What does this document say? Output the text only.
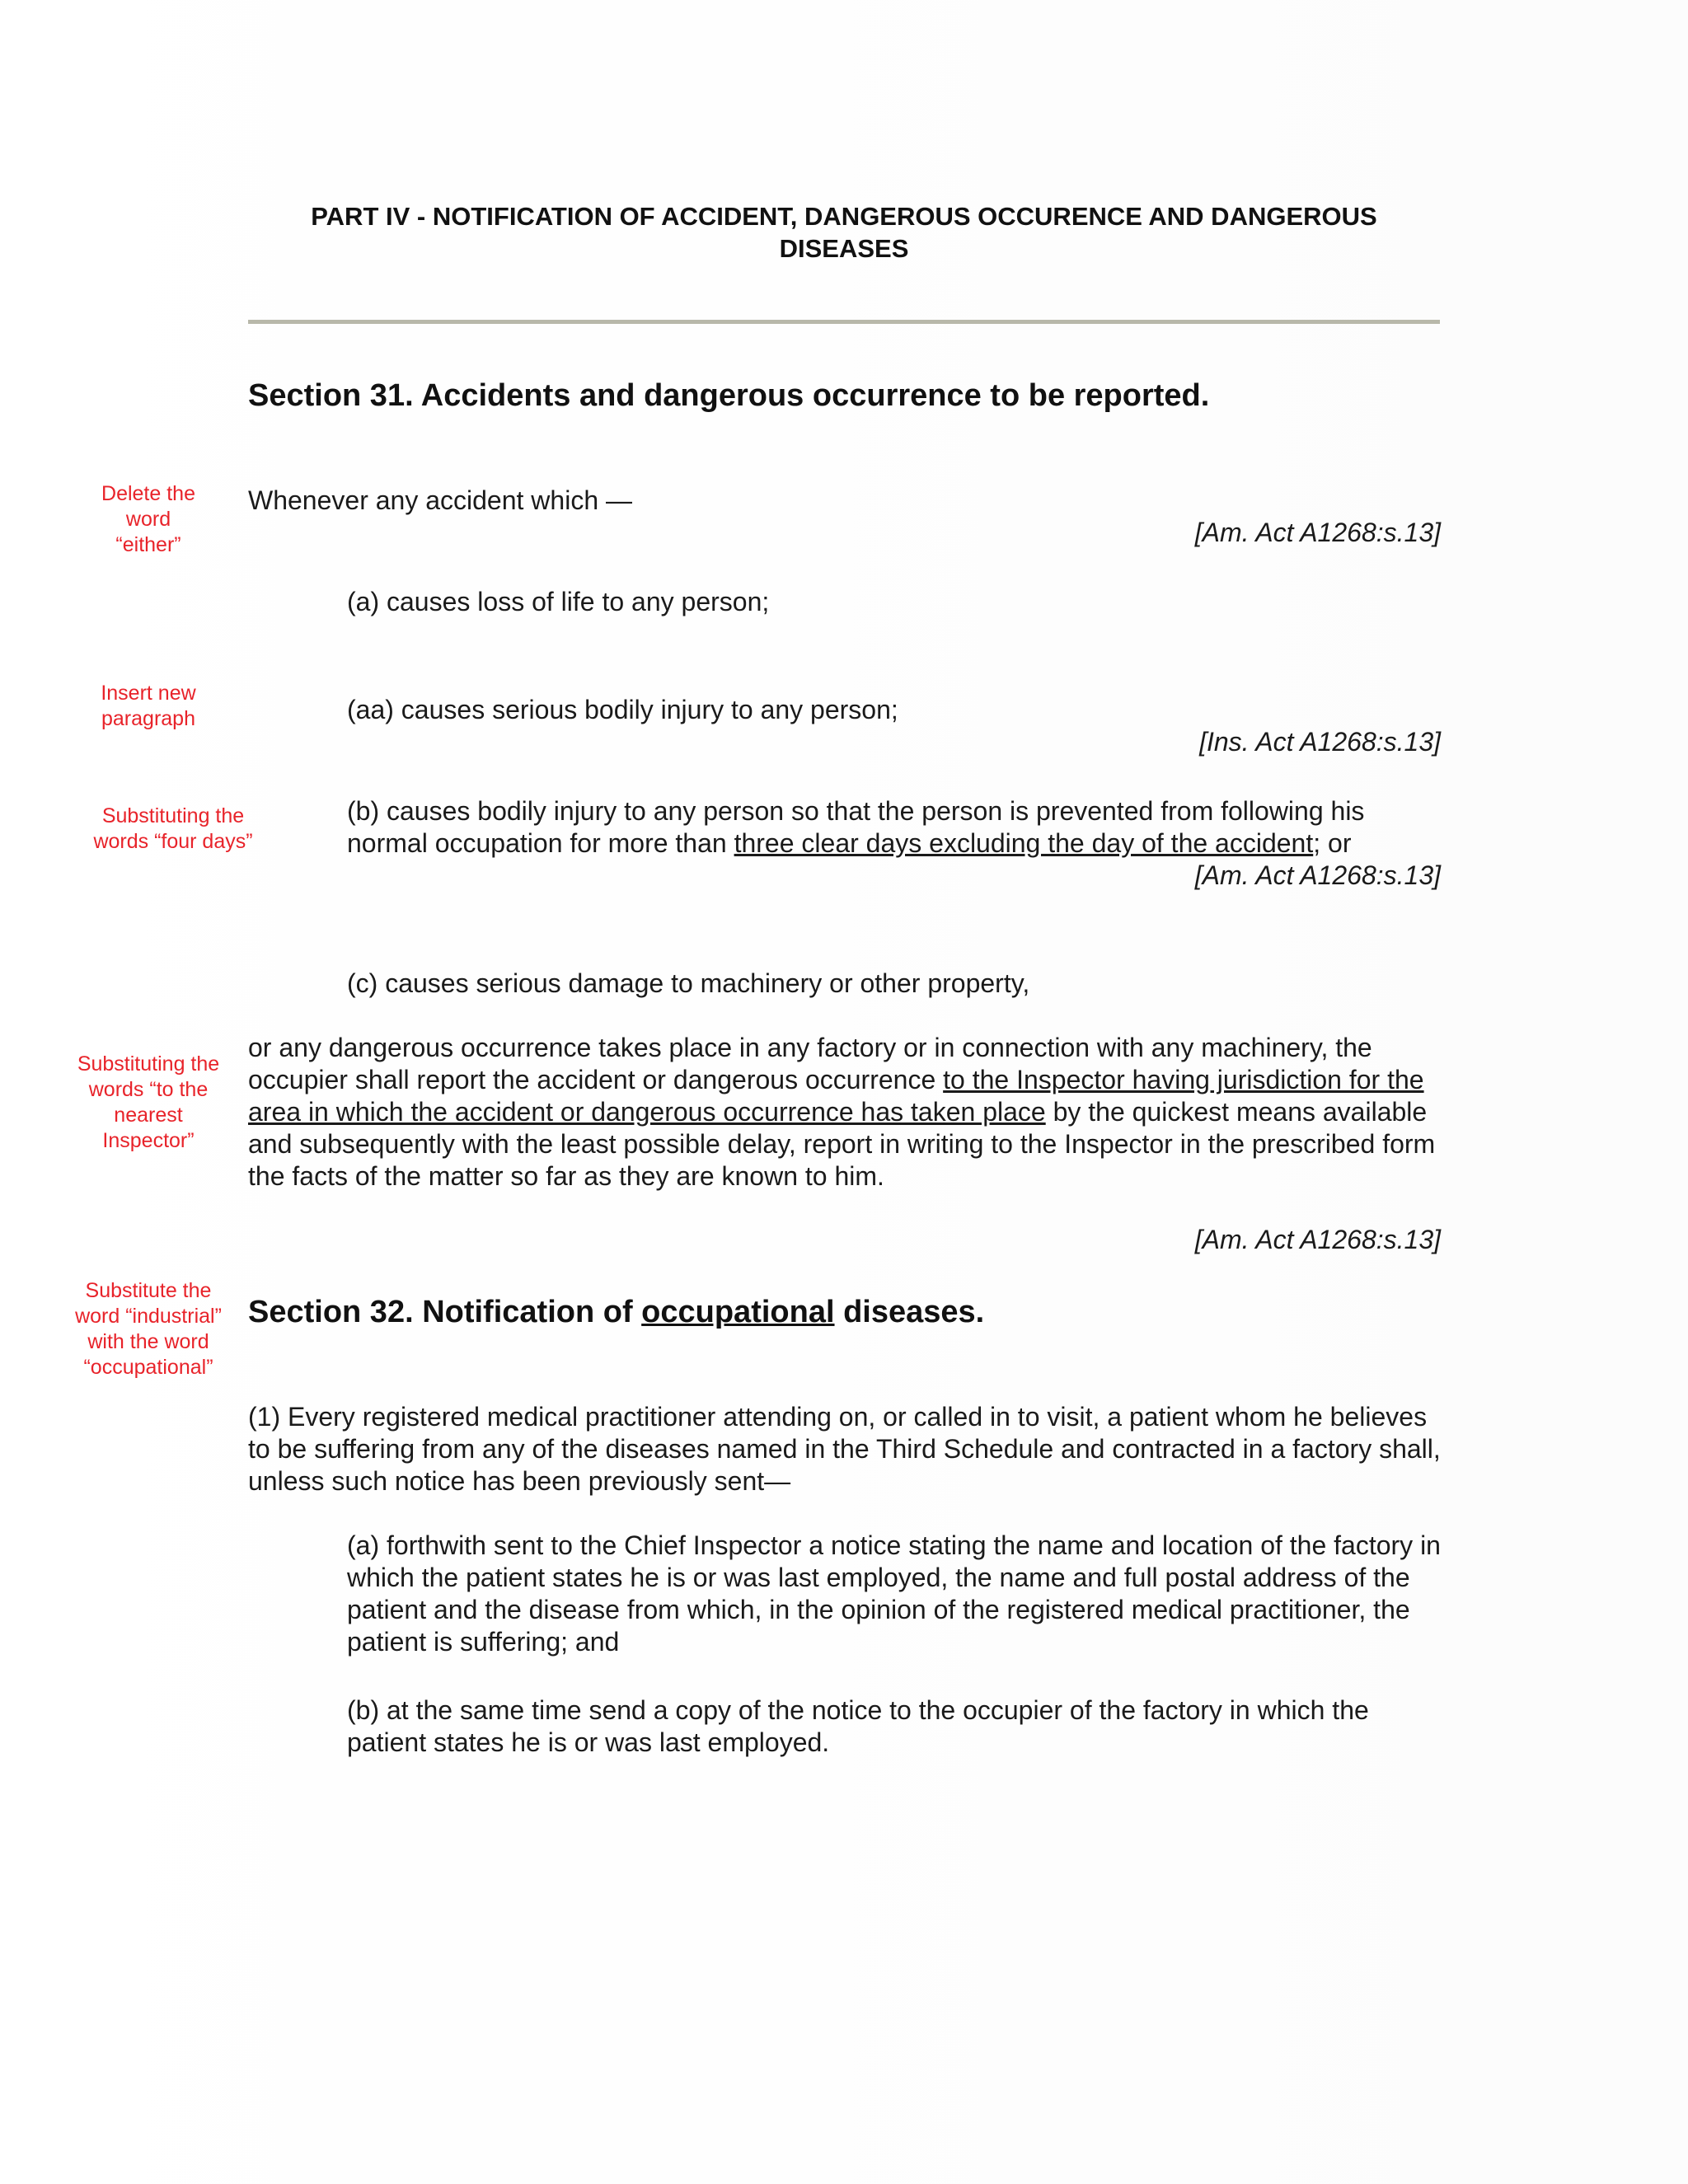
PART IV - NOTIFICATION OF ACCIDENT, DANGEROUS OCCURENCE AND DANGEROUS
DISEASES
Section 31. Accidents and dangerous occurrence to be reported.
Whenever any accident which —
[Am. Act A1268:s.13]
(a) causes loss of life to any person;
(aa) causes serious bodily injury to any person;
[Ins. Act A1268:s.13]
(b) causes bodily injury to any person so that the person is prevented from following his normal occupation for more than three clear days excluding the day of the accident; or
[Am. Act A1268:s.13]
(c) causes serious damage to machinery or other property,
or any dangerous occurrence takes place in any factory or in connection with any machinery, the occupier shall report the accident or dangerous occurrence to the Inspector having jurisdiction for the area in which the accident or dangerous occurrence has taken place by the quickest means available and subsequently with the least possible delay, report in writing to the Inspector in the prescribed form the facts of the matter so far as they are known to him.
[Am. Act A1268:s.13]
Section 32. Notification of occupational diseases.
(1) Every registered medical practitioner attending on, or called in to visit, a patient whom he believes to be suffering from any of the diseases named in the Third Schedule and contracted in a factory shall, unless such notice has been previously sent—
(a) forthwith sent to the Chief Inspector a notice stating the name and location of the factory in which the patient states he is or was last employed, the name and full postal address of the patient and the disease from which, in the opinion of the registered medical practitioner, the patient is suffering; and
(b) at the same time send a copy of the notice to the occupier of the factory in which the patient states he is or was last employed.
Delete the
word
“either”
Insert new
paragraph
Substituting the
words “four days”
Substituting the
words “to the
nearest
Inspector”
Substitute the
word “industrial”
with the word
“occupational”
